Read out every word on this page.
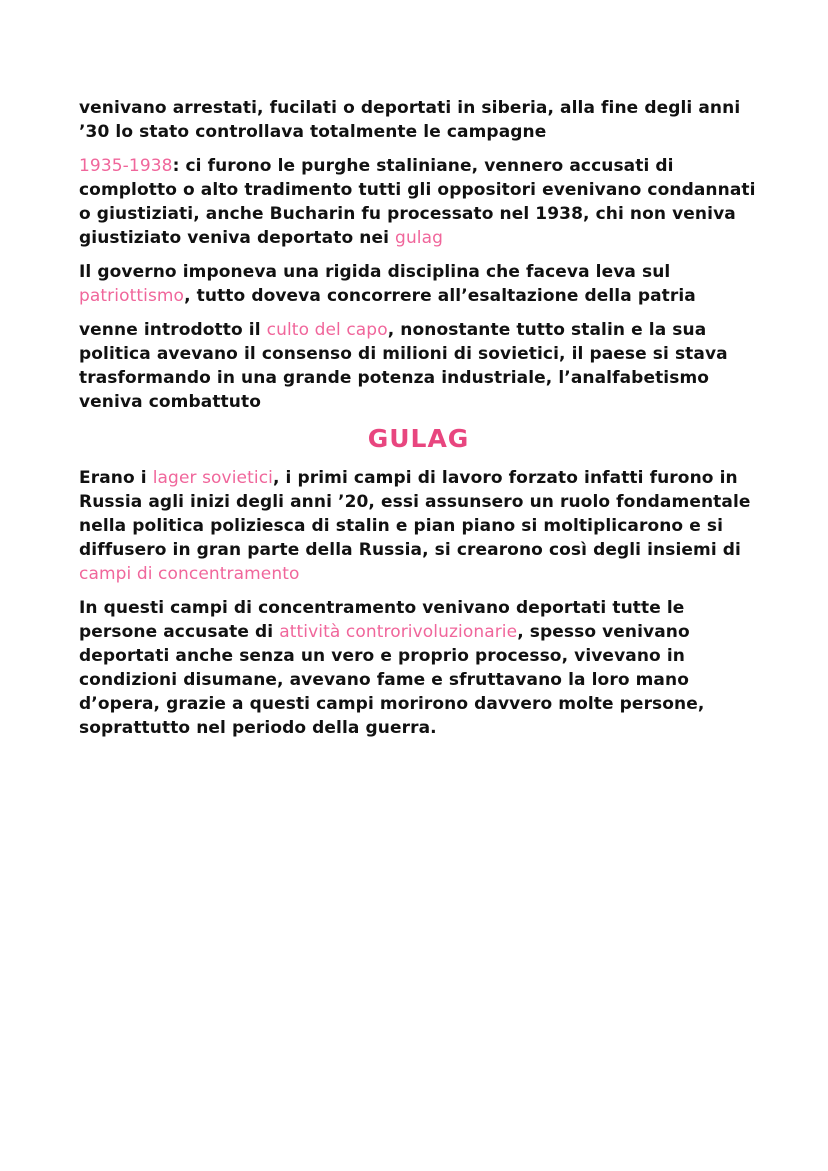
venivano arrestati, fucilati o deportati in siberia, alla fine degli anni ’30 lo stato controllava totalmente le campagne

1935-1938: ci furono le purghe staliniane, vennero accusati di complotto o alto tradimento tutti gli oppositori evenivano condannati o giustiziati, anche Bucharin fu processato nel 1938, chi non veniva giustiziato veniva deportato nei gulag

Il governo imponeva una rigida disciplina che faceva leva sul patriottismo, tutto doveva concorrere all’esaltazione della patria

venne introdotto il culto del capo, nonostante tutto stalin e la sua politica avevano il consenso di milioni di sovietici, il paese si stava trasformando in una grande potenza industriale, l’analfabetismo veniva combattuto

GULAG

Erano i lager sovietici, i primi campi di lavoro forzato infatti furono in Russia agli inizi degli anni ’20, essi assunsero un ruolo fondamentale nella politica poliziesca di stalin e pian piano si moltiplicarono e si diffusero in gran parte della Russia, si crearono così degli insiemi di campi di concentramento

In questi campi di concentramento venivano deportati tutte le persone accusate di attività controrivoluzionarie, spesso venivano deportati anche senza un vero e proprio processo, vivevano in condizioni disumane, avevano fame e sfruttavano la loro mano d’opera, grazie a questi campi morirono davvero molte persone, soprattutto nel periodo della guerra.
